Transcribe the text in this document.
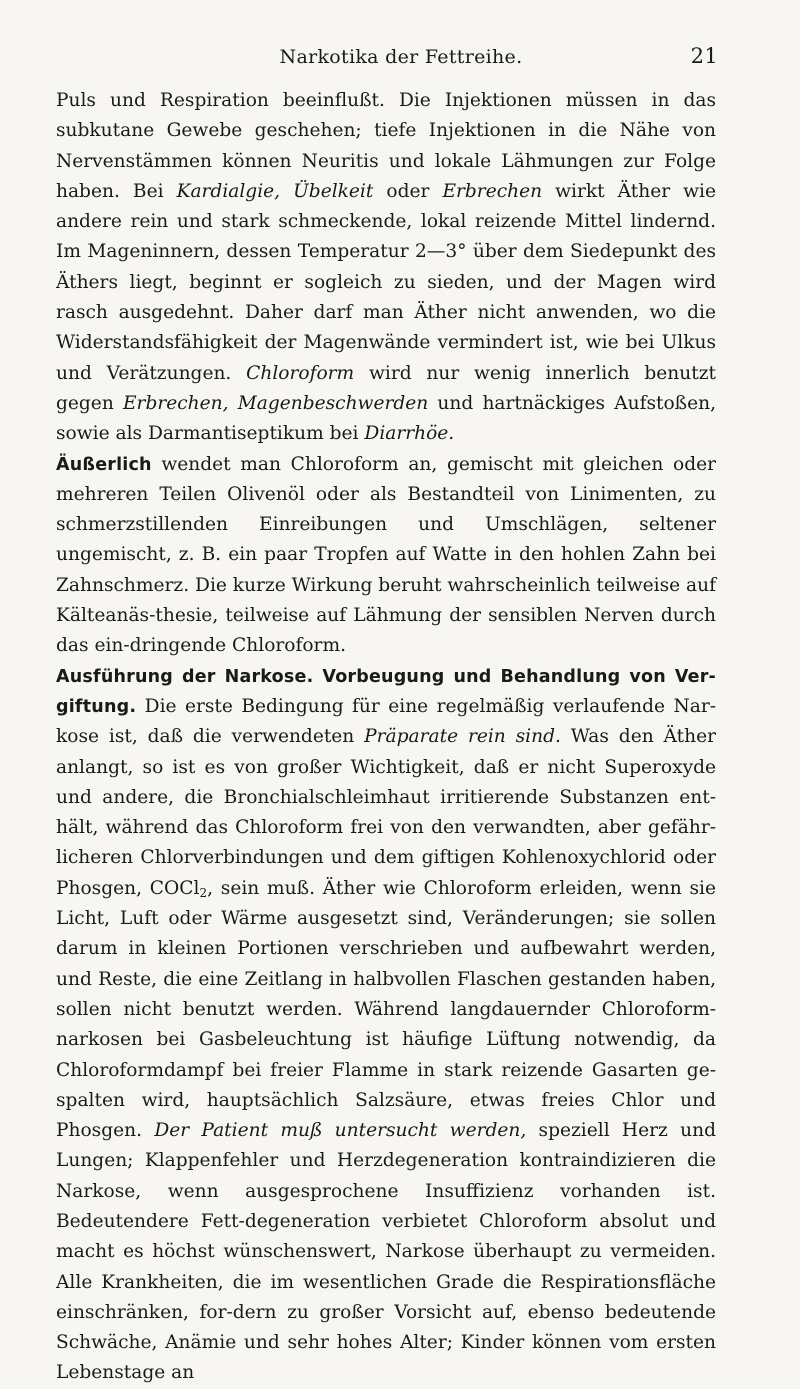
Narkotika der Fettreihe.	21

Puls und Respiration beeinflußt. Die Injektionen müssen in das subkutane Gewebe geschehen; tiefe Injektionen in die Nähe von Nervenstämmen können Neuritis und lokale Lähmungen zur Folge haben. Bei Kardialgie, Übelkeit oder Erbrechen wirkt Äther wie andere rein und stark schmeckende, lokal reizende Mittel lindernd. Im Mageninnern, dessen Temperatur 2—3° über dem Siedepunkt des Äthers liegt, beginnt er sogleich zu sieden, und der Magen wird rasch ausgedehnt. Daher darf man Äther nicht anwenden, wo die Widerstandsfähigkeit der Magenwände vermindert ist, wie bei Ulkus und Verätzungen. Chloroform wird nur wenig innerlich benutzt gegen Erbrechen, Magenbeschwerden und hartnäckiges Aufstoßen, sowie als Darmantiseptikum bei Diarrhöe.

Äußerlich wendet man Chloroform an, gemischt mit gleichen oder mehreren Teilen Olivenöl oder als Bestandteil von Linimenten, zu schmerzstillenden Einreibungen und Umschlägen, seltener ungemischt, z. B. ein paar Tropfen auf Watte in den hohlen Zahn bei Zahnschmerz. Die kurze Wirkung beruht wahrscheinlich teilweise auf Kälteanäs-thesie, teilweise auf Lähmung der sensiblen Nerven durch das ein-dringende Chloroform.

Ausführung der Narkose. Vorbeugung und Behandlung von Ver-giftung. Die erste Bedingung für eine regelmäßig verlaufende Nar-kose ist, daß die verwendeten Präparate rein sind. Was den Äther anlangt, so ist es von großer Wichtigkeit, daß er nicht Superoxyde und andere, die Bronchialschleimhaut irritierende Substanzen ent-hält, während das Chloroform frei von den verwandten, aber gefähr-licheren Chlorverbindungen und dem giftigen Kohlenoxychlorid oder Phosgen, COCl$_2$, sein muß. Äther wie Chloroform erleiden, wenn sie Licht, Luft oder Wärme ausgesetzt sind, Veränderungen; sie sollen darum in kleinen Portionen verschrieben und aufbewahrt werden, und Reste, die eine Zeitlang in halbvollen Flaschen gestanden haben, sollen nicht benutzt werden. Während langdauernder Chloroform-narkosen bei Gasbeleuchtung ist häufige Lüftung notwendig, da Chloroformdampf bei freier Flamme in stark reizende Gasarten ge-spalten wird, hauptsächlich Salzsäure, etwas freies Chlor und Phosgen. Der Patient muß untersucht werden, speziell Herz und Lungen; Klappenfehler und Herzdegeneration kontraindizieren die Narkose, wenn ausgesprochene Insuffizienz vorhanden ist. Bedeutendere Fett-degeneration verbietet Chloroform absolut und macht es höchst wünschenswert, Narkose überhaupt zu vermeiden. Alle Krankheiten, die im wesentlichen Grade die Respirationsfläche einschränken, for-dern zu großer Vorsicht auf, ebenso bedeutende Schwäche, Anämie und sehr hohes Alter; Kinder können vom ersten Lebenstage an
